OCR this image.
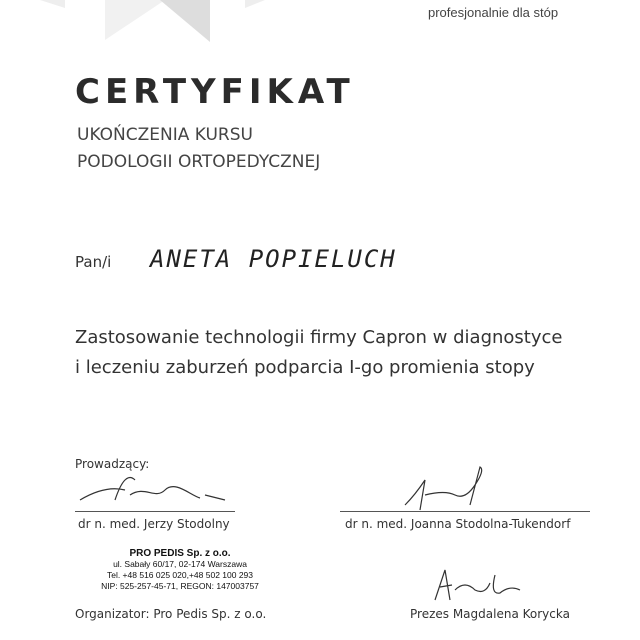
profesjonalnie dla stóp
CERTYFIKAT
UKOŃCZENIA KURSU
PODOLOGII ORTOPEDYCZNEJ
Pan/i ANETA POPIELUCH
Zastosowanie technologii firmy Capron w diagnostyce
i leczeniu zaburzeń podparcia I-go promienia stopy
Prowadzący:
dr n. med. Jerzy Stodolny	dr n. med. Joanna Stodolna-Tukendorf
PRO PEDIS Sp. z o.o.
ul. Sabały 60/17, 02-174 Warszawa
Tel. +48 516 025 020,+48 502 100 293
NIP: 525-257-45-71, REGON: 147003757
Organizator: Pro Pedis Sp. z o.o.	Prezes Magdalena Korycka
